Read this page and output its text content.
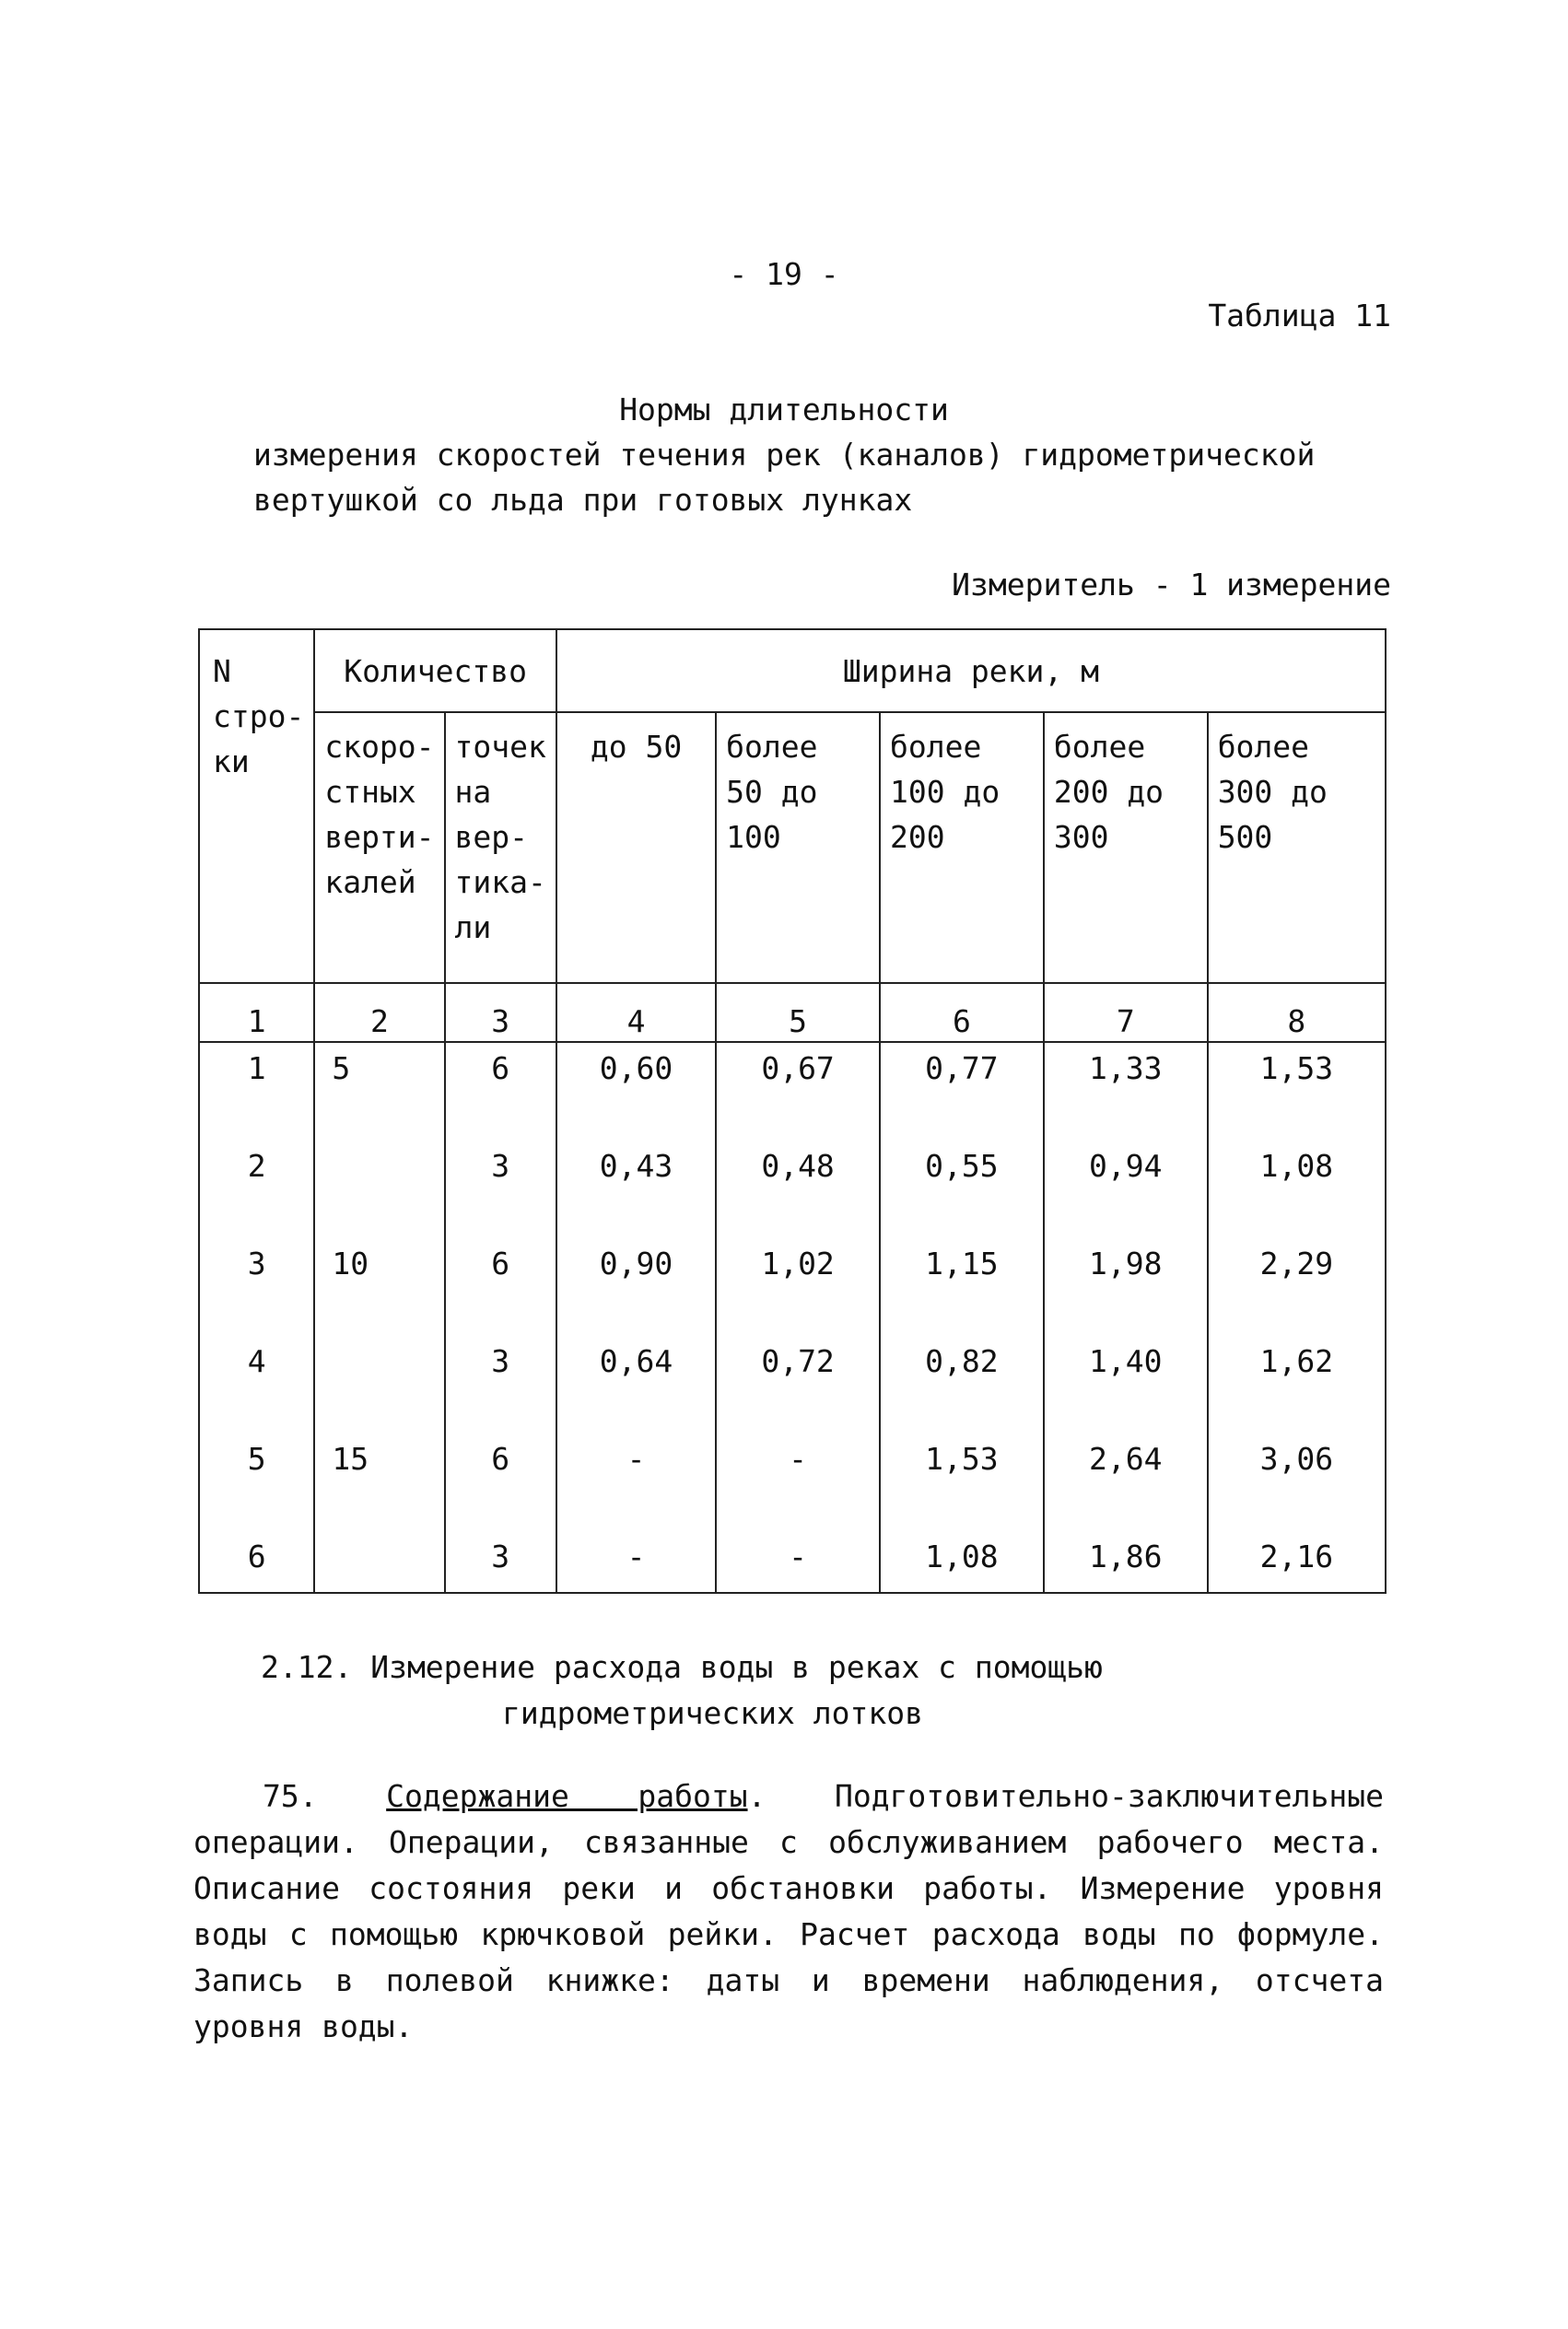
- 19 -
Таблица 11
Нормы длительности
измерения скоростей течения рек (каналов) гидрометрической
вертушкой со льда при готовых лунках
Измеритель - 1 измерение
N стро- ки	Количество		Ширина реки, м				
	скоро- стных верти- калей	точек на вер- тика- ли	до 50	более 50 до 100	более 100 до 200	более 200 до 300	более 300 до 500
1	2	3	4	5	6	7	8
1	5	6	0,60	0,67	0,77	1,33	1,53
2		3	0,43	0,48	0,55	0,94	1,08
3	10	6	0,90	1,02	1,15	1,98	2,29
4		3	0,64	0,72	0,82	1,40	1,62
5	15	6	-	-	1,53	2,64	3,06
6		3	-	-	1,08	1,86	2,16
2.12. Измерение расхода воды в реках с помощью
гидрометрических лотков
75. Содержание работы. Подготовительно-заключительные операции. Операции, связанные с обслуживанием рабочего места. Описание состояния реки и обстановки работы. Измерение уровня воды с помощью крючковой рейки. Расчет расхода воды по формуле. Запись в полевой книжке: даты и времени наблюдения, отсчета уровня воды.
